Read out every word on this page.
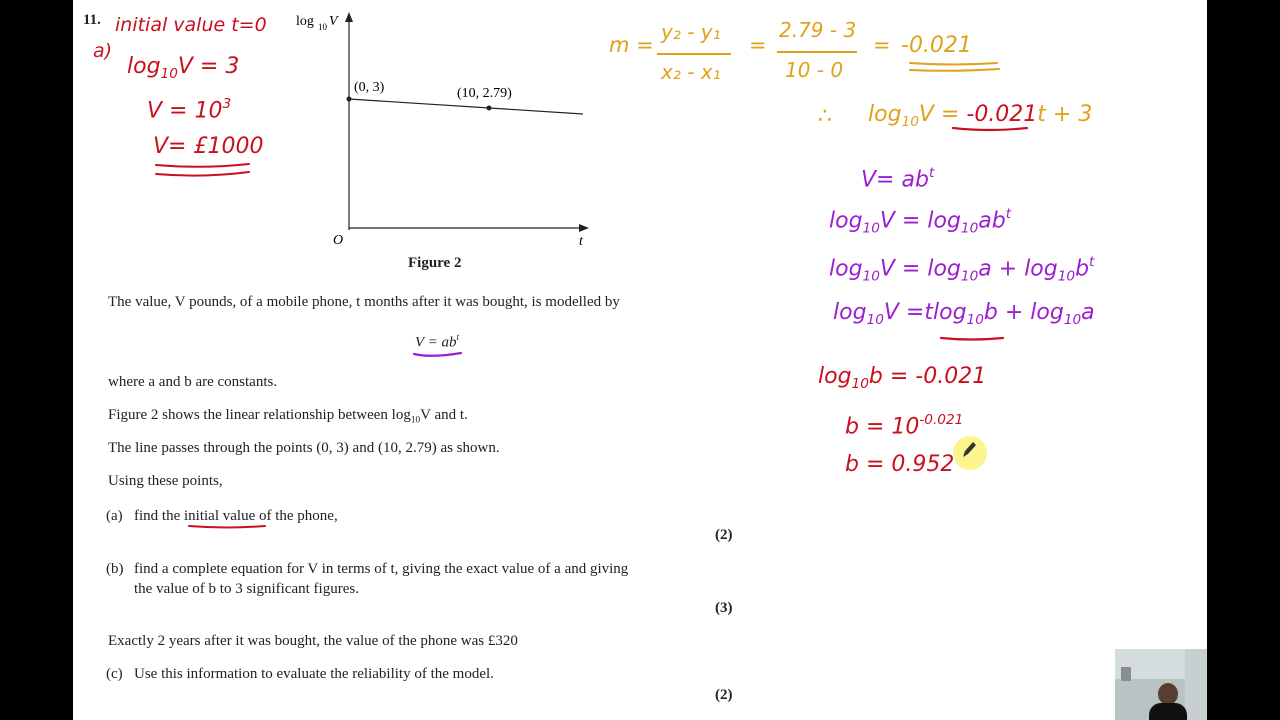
11.	log 10 V
(0, 3)	(10, 2.79)
O	t
Figure 2
The value, V pounds, of a mobile phone, t months after it was bought, is modelled by
$V = ab^t$
where a and b are constants.
Figure 2 shows the linear relationship between $\log_{10}V$ and t.
The line passes through the points (0, 3) and (10, 2.79) as shown.
Using these points,
(a) find the initial value of the phone,
(2)
(b) find a complete equation for V in terms of t, giving the exact value of a and giving
the value of b to 3 significant figures.
(3)
Exactly 2 years after it was bought, the value of the phone was £320
(c) Use this information to evaluate the reliability of the model.
(2)
initial value t=0
a)
$\log_{10}V = 3$
$V = 10^3$
V= £1000
m =
y₂ - y₁
x₂ - x₁
=
2.79 - 3
10 - 0
= -0.021
∴ $\log_{10}V = -0.021t + 3$
$V= ab^t$
$\log_{10}V = \log_{10}ab^t$
$\log_{10}V = \log_{10}a + \log_{10}b^t$
$\log_{10}V =tlog_{10}b + \log_{10}a$
$\log_{10}b = -0.021$
$b = 10^{-0.021}$
b = 0.952
